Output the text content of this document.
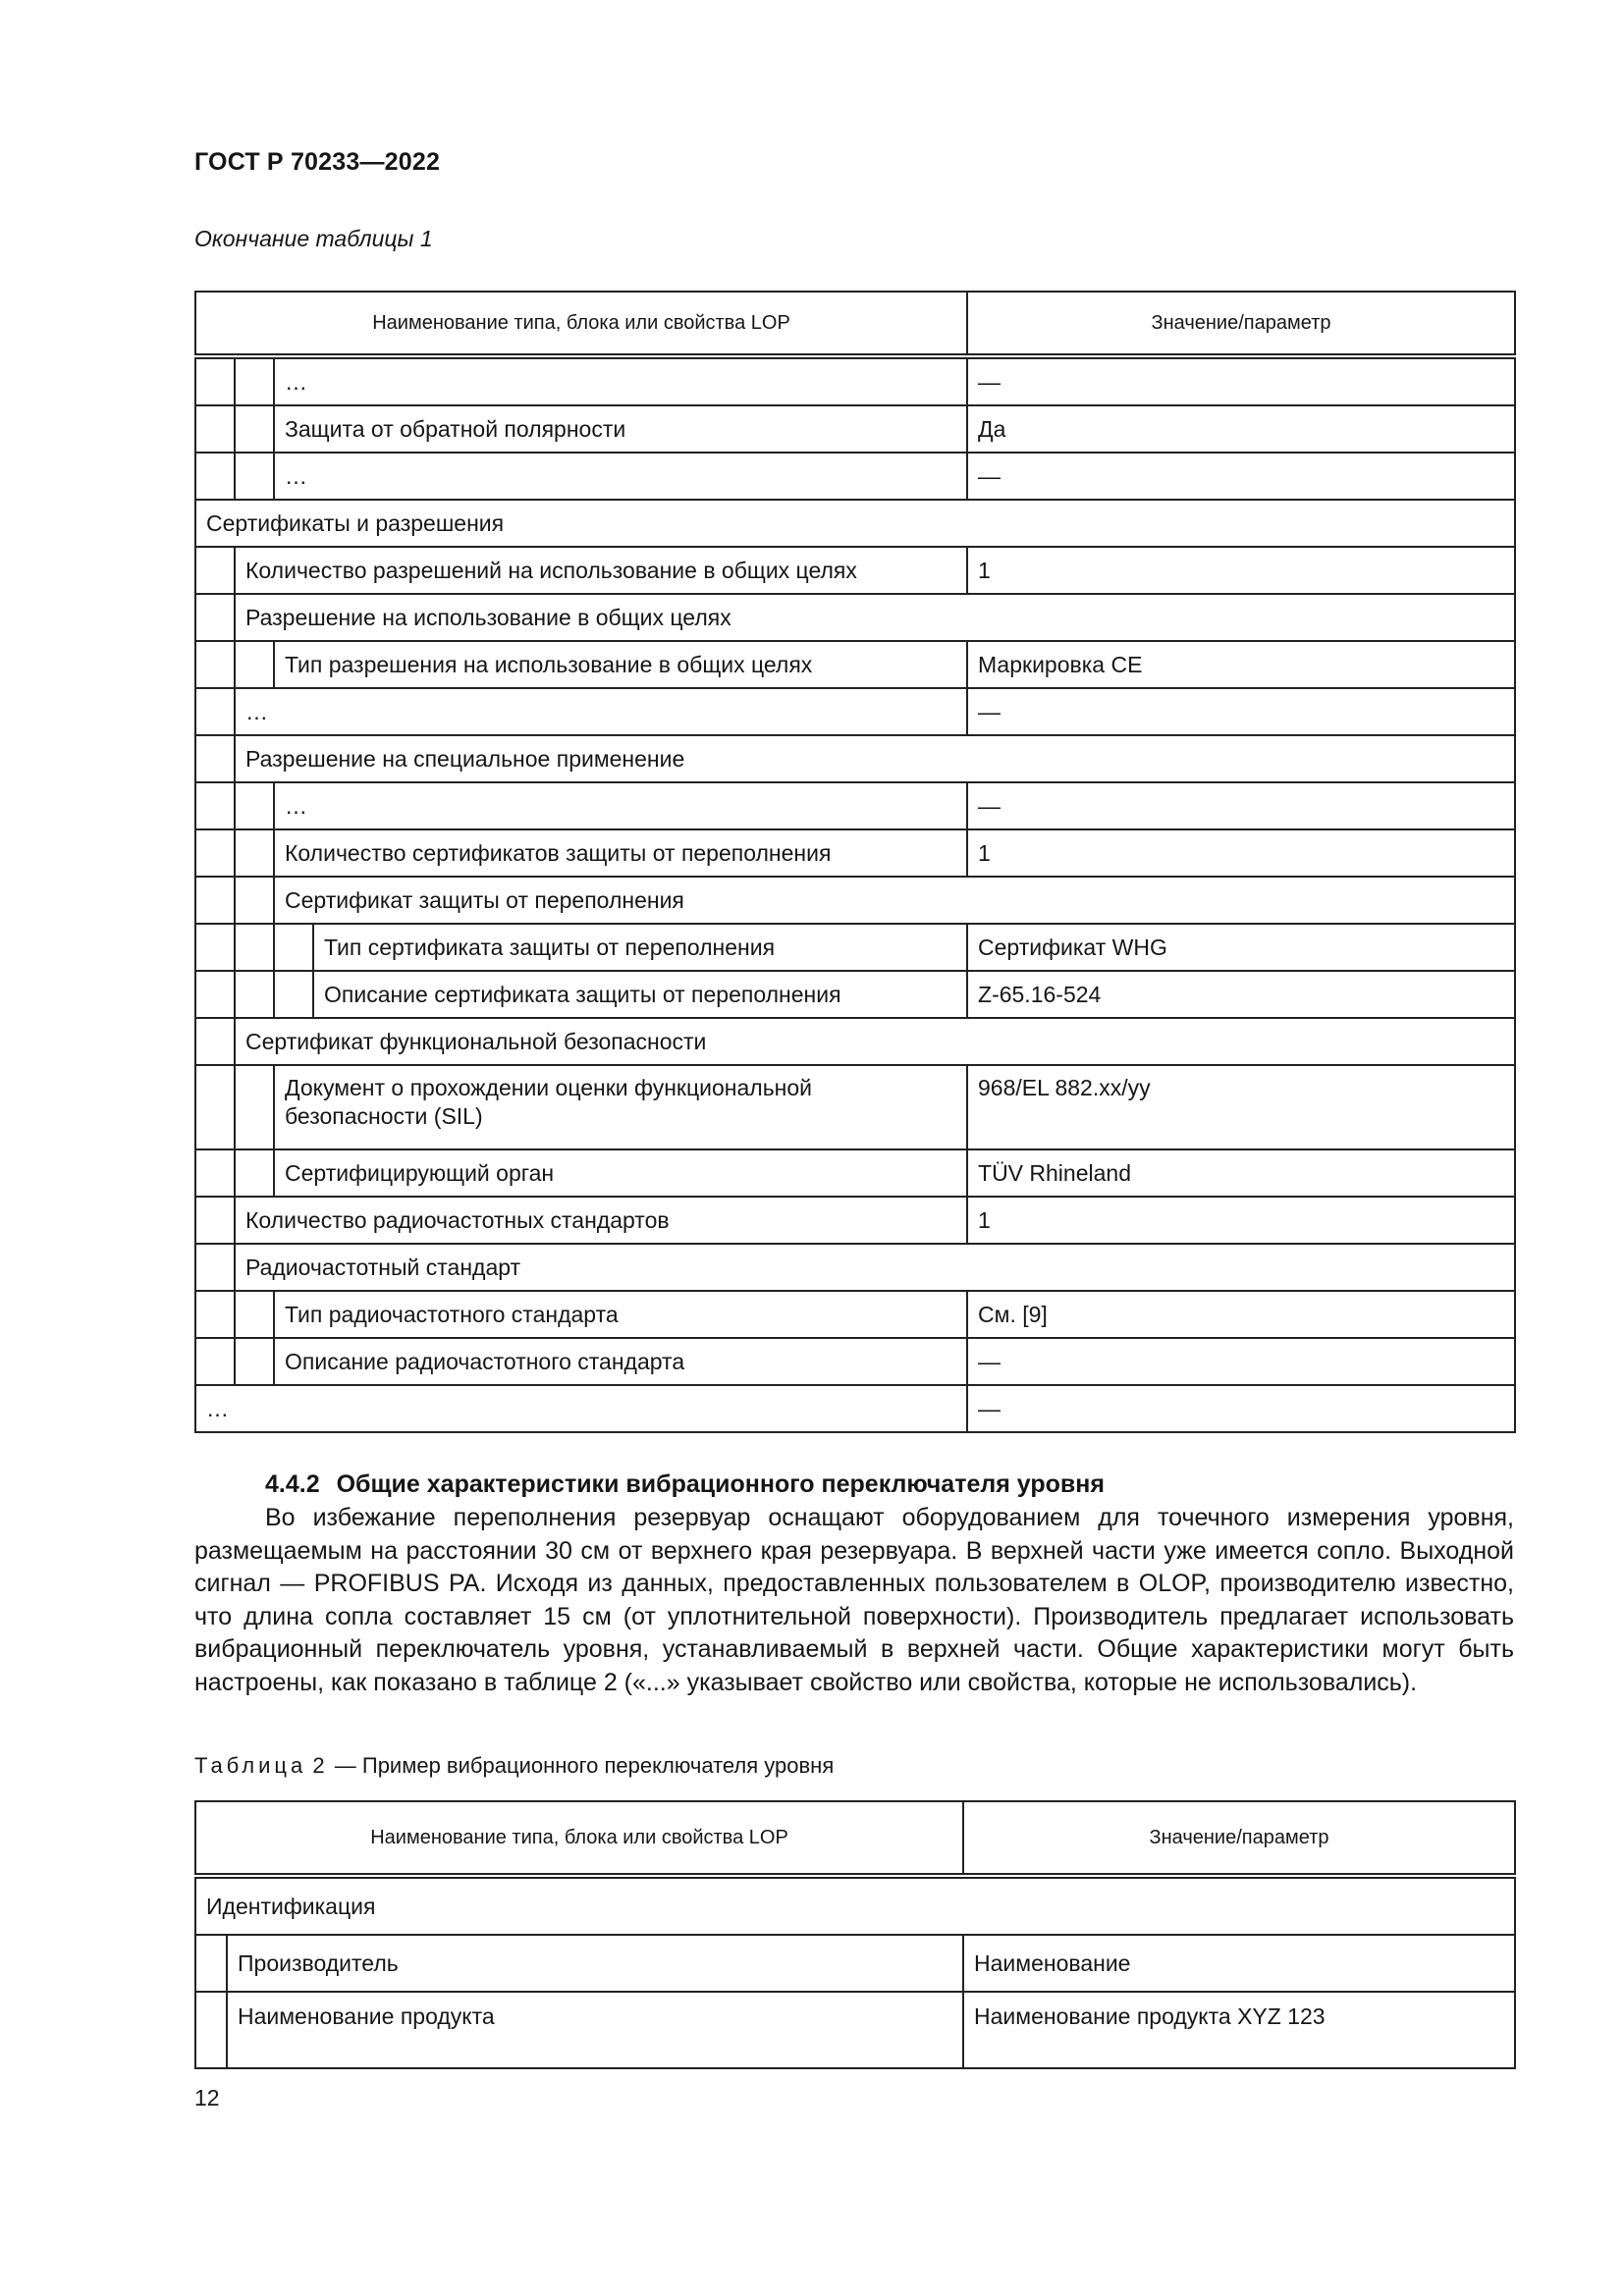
ГОСТ Р 70233—2022
Окончание таблицы 1
Наименование типа, блока или свойства LOP				Значение/параметр
		…		—
		Защита от обратной полярности		Да
		…		—
Сертификаты и разрешения				
	Количество разрешений на использование в общих целях			1
	Разрешение на использование в общих целях			
		Тип разрешения на использование в общих целях		Маркировка CE
	…			—
	Разрешение на специальное применение			
		…		—
		Количество сертификатов защиты от переполнения		1
		Сертификат защиты от переполнения		
			Тип сертификата защиты от переполнения	Сертификат WHG
			Описание сертификата защиты от переполнения	Z-65.16-524
	Сертификат функциональной безопасности			
		Документ о прохождении оценки функциональной безопасности (SIL)		968/EL 882.xx/yy
		Сертифицирующий орган		TÜV Rhineland
	Количество радиочастотных стандартов			1
	Радиочастотный стандарт			
		Тип радиочастотного стандарта		См. [9]
		Описание радиочастотного стандарта		—
…				—
4.4.2 Общие характеристики вибрационного переключателя уровня
Во избежание переполнения резервуар оснащают оборудованием для точечного измерения уровня, размещаемым на расстоянии 30 см от верхнего края резервуара. В верхней части уже имеется сопло. Выходной сигнал — PROFIBUS PA. Исходя из данных, предоставленных пользователем в OLOP, производителю известно, что длина сопла составляет 15 см (от уплотнительной поверхности). Производитель предлагает использовать вибрационный переключатель уровня, устанавливаемый в верхней части. Общие характеристики могут быть настроены, как показано в таблице 2 («...» указывает свойство или свойства, которые не использовались).
Таблица 2 — Пример вибрационного переключателя уровня
Наименование типа, блока или свойства LOP		Значение/параметр
Идентификация		
	Производитель	Наименование
	Наименование продукта	Наименование продукта XYZ 123
12
